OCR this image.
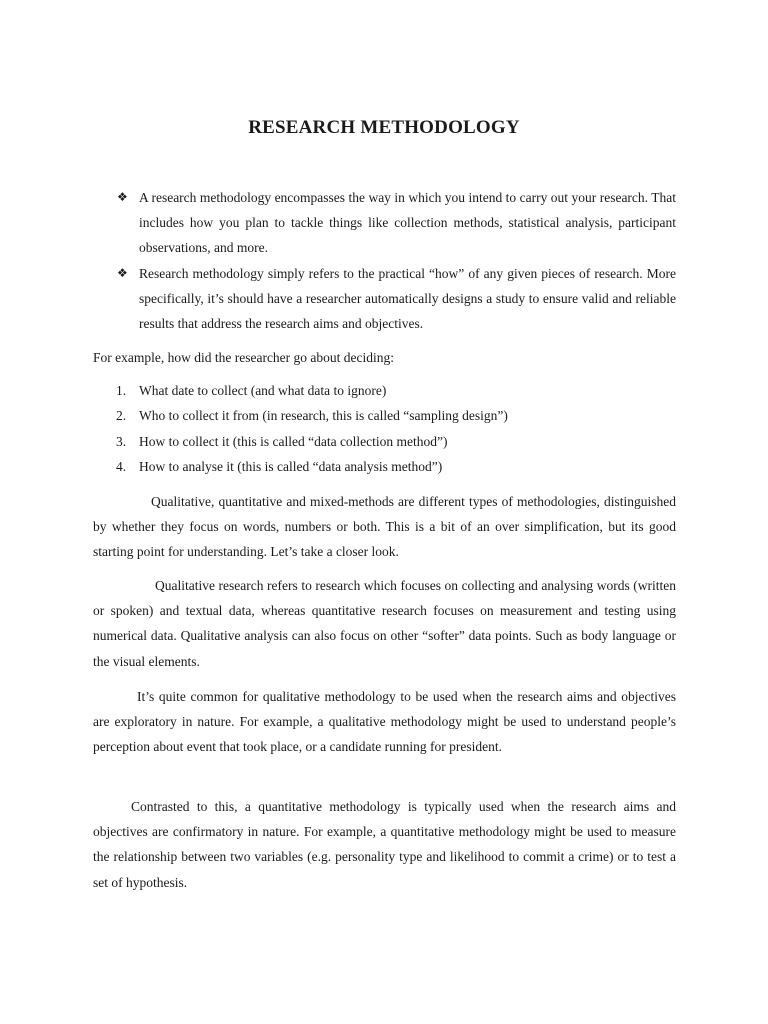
RESEARCH METHODOLOGY
❖ A research methodology encompasses the way in which you intend to carry out your research. That includes how you plan to tackle things like collection methods, statistical analysis, participant observations, and more.
❖ Research methodology simply refers to the practical “how” of any given pieces of research. More specifically, it’s should have a researcher automatically designs a study to ensure valid and reliable results that address the research aims and objectives.

For example, how did the researcher go about deciding:

1. What date to collect (and what data to ignore)
2. Who to collect it from (in research, this is called “sampling design”)
3. How to collect it (this is called “data collection method”)
4. How to analyse it (this is called “data analysis method”)

Qualitative, quantitative and mixed-methods are different types of methodologies, distinguished by whether they focus on words, numbers or both. This is a bit of an over simplification, but its good starting point for understanding. Let’s take a closer look.

Qualitative research refers to research which focuses on collecting and analysing words (written or spoken) and textual data, whereas quantitative research focuses on measurement and testing using numerical data. Qualitative analysis can also focus on other “softer” data points. Such as body language or the visual elements.

It’s quite common for qualitative methodology to be used when the research aims and objectives are exploratory in nature. For example, a qualitative methodology might be used to understand people’s perception about event that took place, or a candidate running for president.

Contrasted to this, a quantitative methodology is typically used when the research aims and objectives are confirmatory in nature. For example, a quantitative methodology might be used to measure the relationship between two variables (e.g. personality type and likelihood to commit a crime) or to test a set of hypothesis.
